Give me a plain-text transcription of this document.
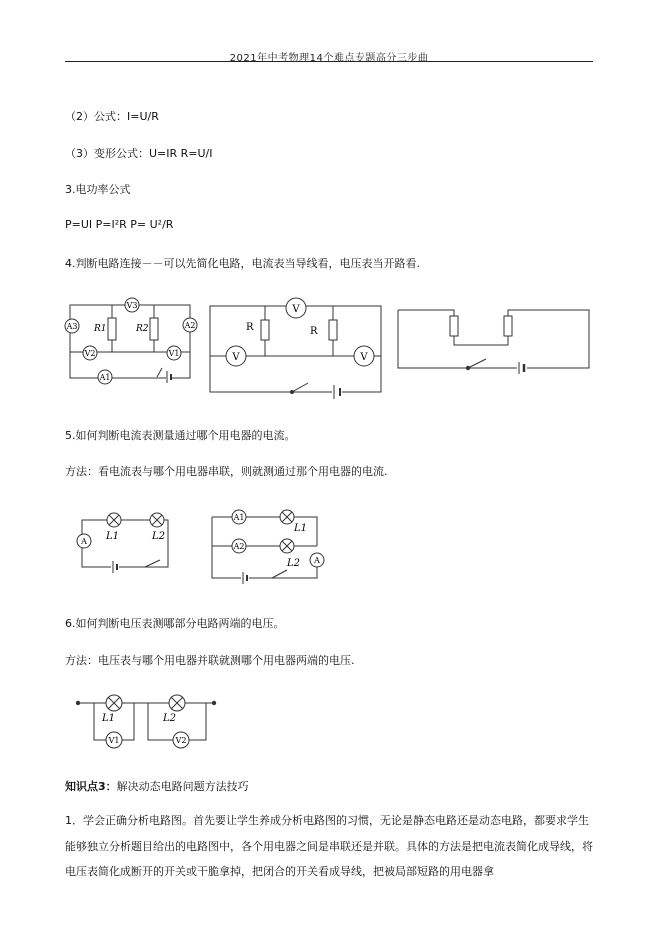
2021年中考物理14个难点专题高分三步曲
（2）公式：I=U/R
（3）变形公式：U=IR R=U/I
3.电功率公式
P=UI P=I²R P= U²/R
4.判断电路连接－－可以先简化电路，电流表当导线看，电压表当开路看.
A3
V3
A2
R1	R2
V2	V1
A1
V
V	V
R	R
5.如何判断电流表测量通过哪个用电器的电流。
方法：看电流表与哪个用电器串联，则就测通过那个用电器的电流.
A L1	L2
A1
A2
A
L1
L2
6.如何判断电压表测哪部分电路两端的电压。
方法：电压表与哪个用电器并联就测哪个用电器两端的电压.
L1	L2
V1	V2
知识点3：解决动态电路问题方法技巧
1．学会正确分析电路图。首先要让学生养成分析电路图的习惯，无论是静态电路还是动态电路，都要求学生能够独立分析题目给出的电路图中，各个用电器之间是串联还是并联。具体的方法是把电流表简化成导线，将电压表简化成断开的开关或干脆拿掉，把闭合的开关看成导线，把被局部短路的用电器拿
